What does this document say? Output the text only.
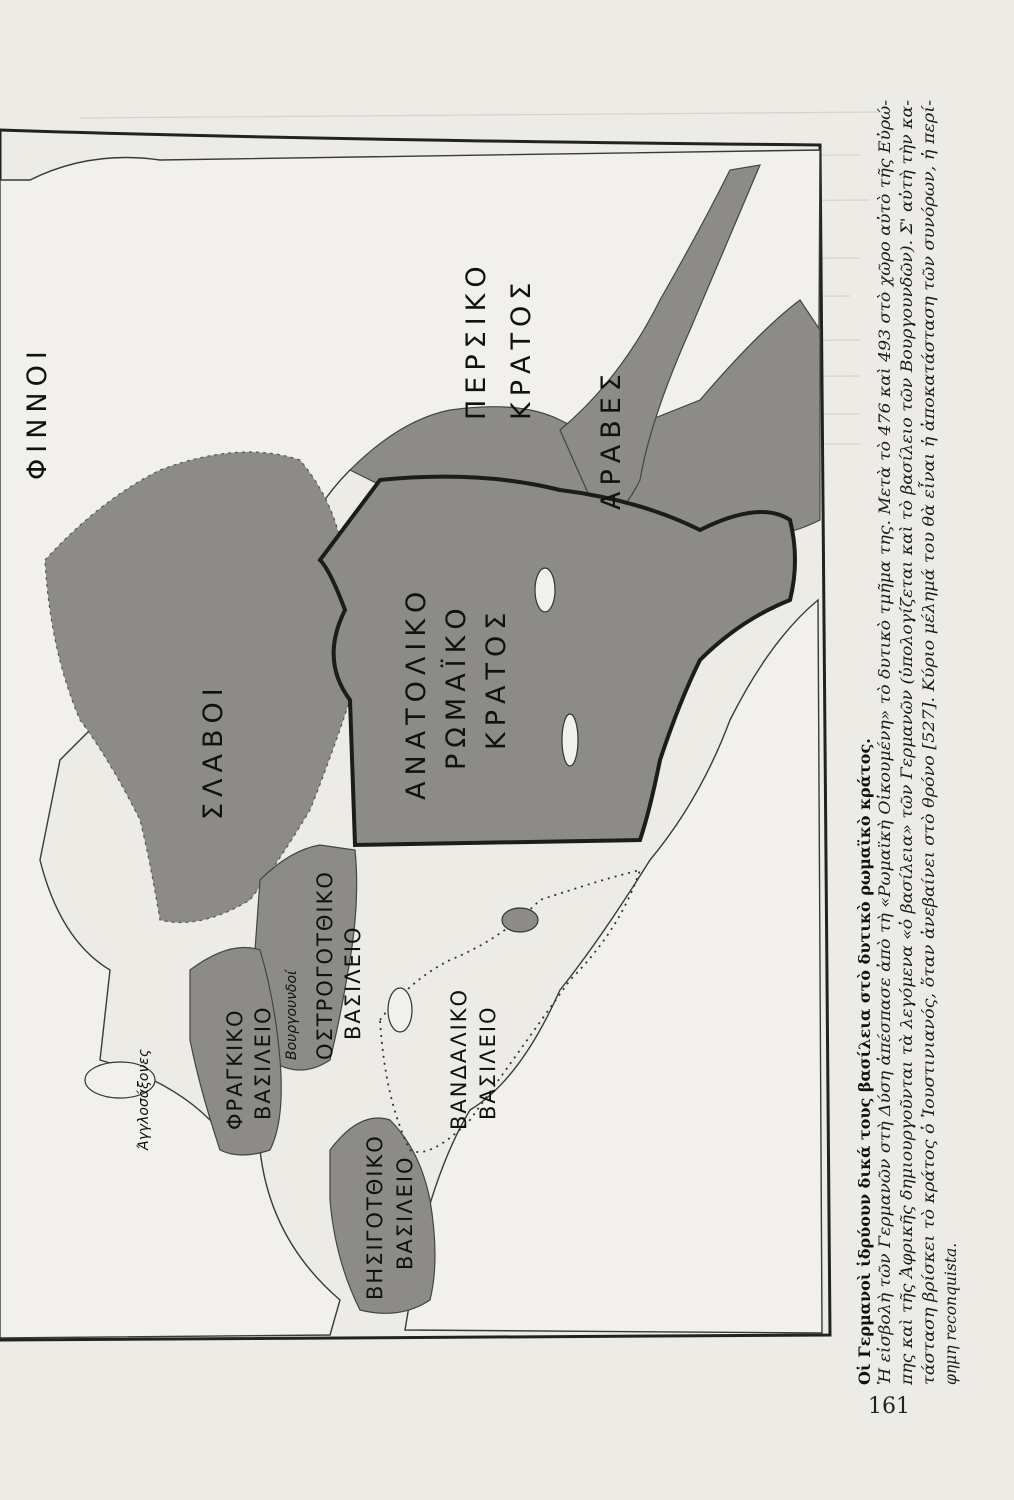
ΦΙΝΝΟΙ
ΣΛΑΒΟΙ	ΑΝΑΤΟΛΙΚΟ ΡΩΜΑΪΚΟ ΚΡΑΤΟΣ
ΠΕΡΣΙΚΟ ΚΡΑΤΟΣ
ΑΡΑΒΕΣ
ΟΣΤΡΟΓΟΤΘΙΚΟ ΒΑΣΙΛΕΙΟ
ΦΡΑΓΚΙΚΟ ΒΑΣΙΛΕΙΟ Βουργουνδοί
Άγγλοσάξονες
ΒΗΣΙΓΟΤΘΙΚΟ ΒΑΣΙΛΕΙΟ
ΒΑΝΔΑΛΙΚΟ ΒΑΣΙΛΕΙΟ	Οἱ Γερμανοὶ ἱδρύουν δικά τους βασίλεια στὸ δυτικὸ ρωμαϊκὸ κράτος. Ἡ εἰσβολὴ τῶν Γερμανῶν στὴ Δύση ἀπέσπασε ἀπὸ τὴ «Ρωμαϊκὴ Οἰκουμένη» τὸ δυτικὸ τμῆμα της. Μετὰ τὸ 476 καὶ 493 στὸ χῶρο αὐτὸ τῆς Εὐρώ- πης καὶ τῆς Ἀφρικῆς δημιουργοῦνται τὰ λεγόμενα «ὁ βασίλεια» τῶν Γερμανῶν (ὑπολογίζεται καὶ τὸ βασίλειο τῶν Βουργουνδῶν). Σ' αὐτὴ τὴν κα- τάσταση βρίσκει τὸ κράτος ὁ Ἰουστινιανός, ὅταν ἀνεβαίνει στὸ θρόνο [527]. Κύριο μέλημά του θὰ εἶναι ἡ ἀποκατάσταση τῶν συνόρων, ἡ περί- φημη reconquista.
161
